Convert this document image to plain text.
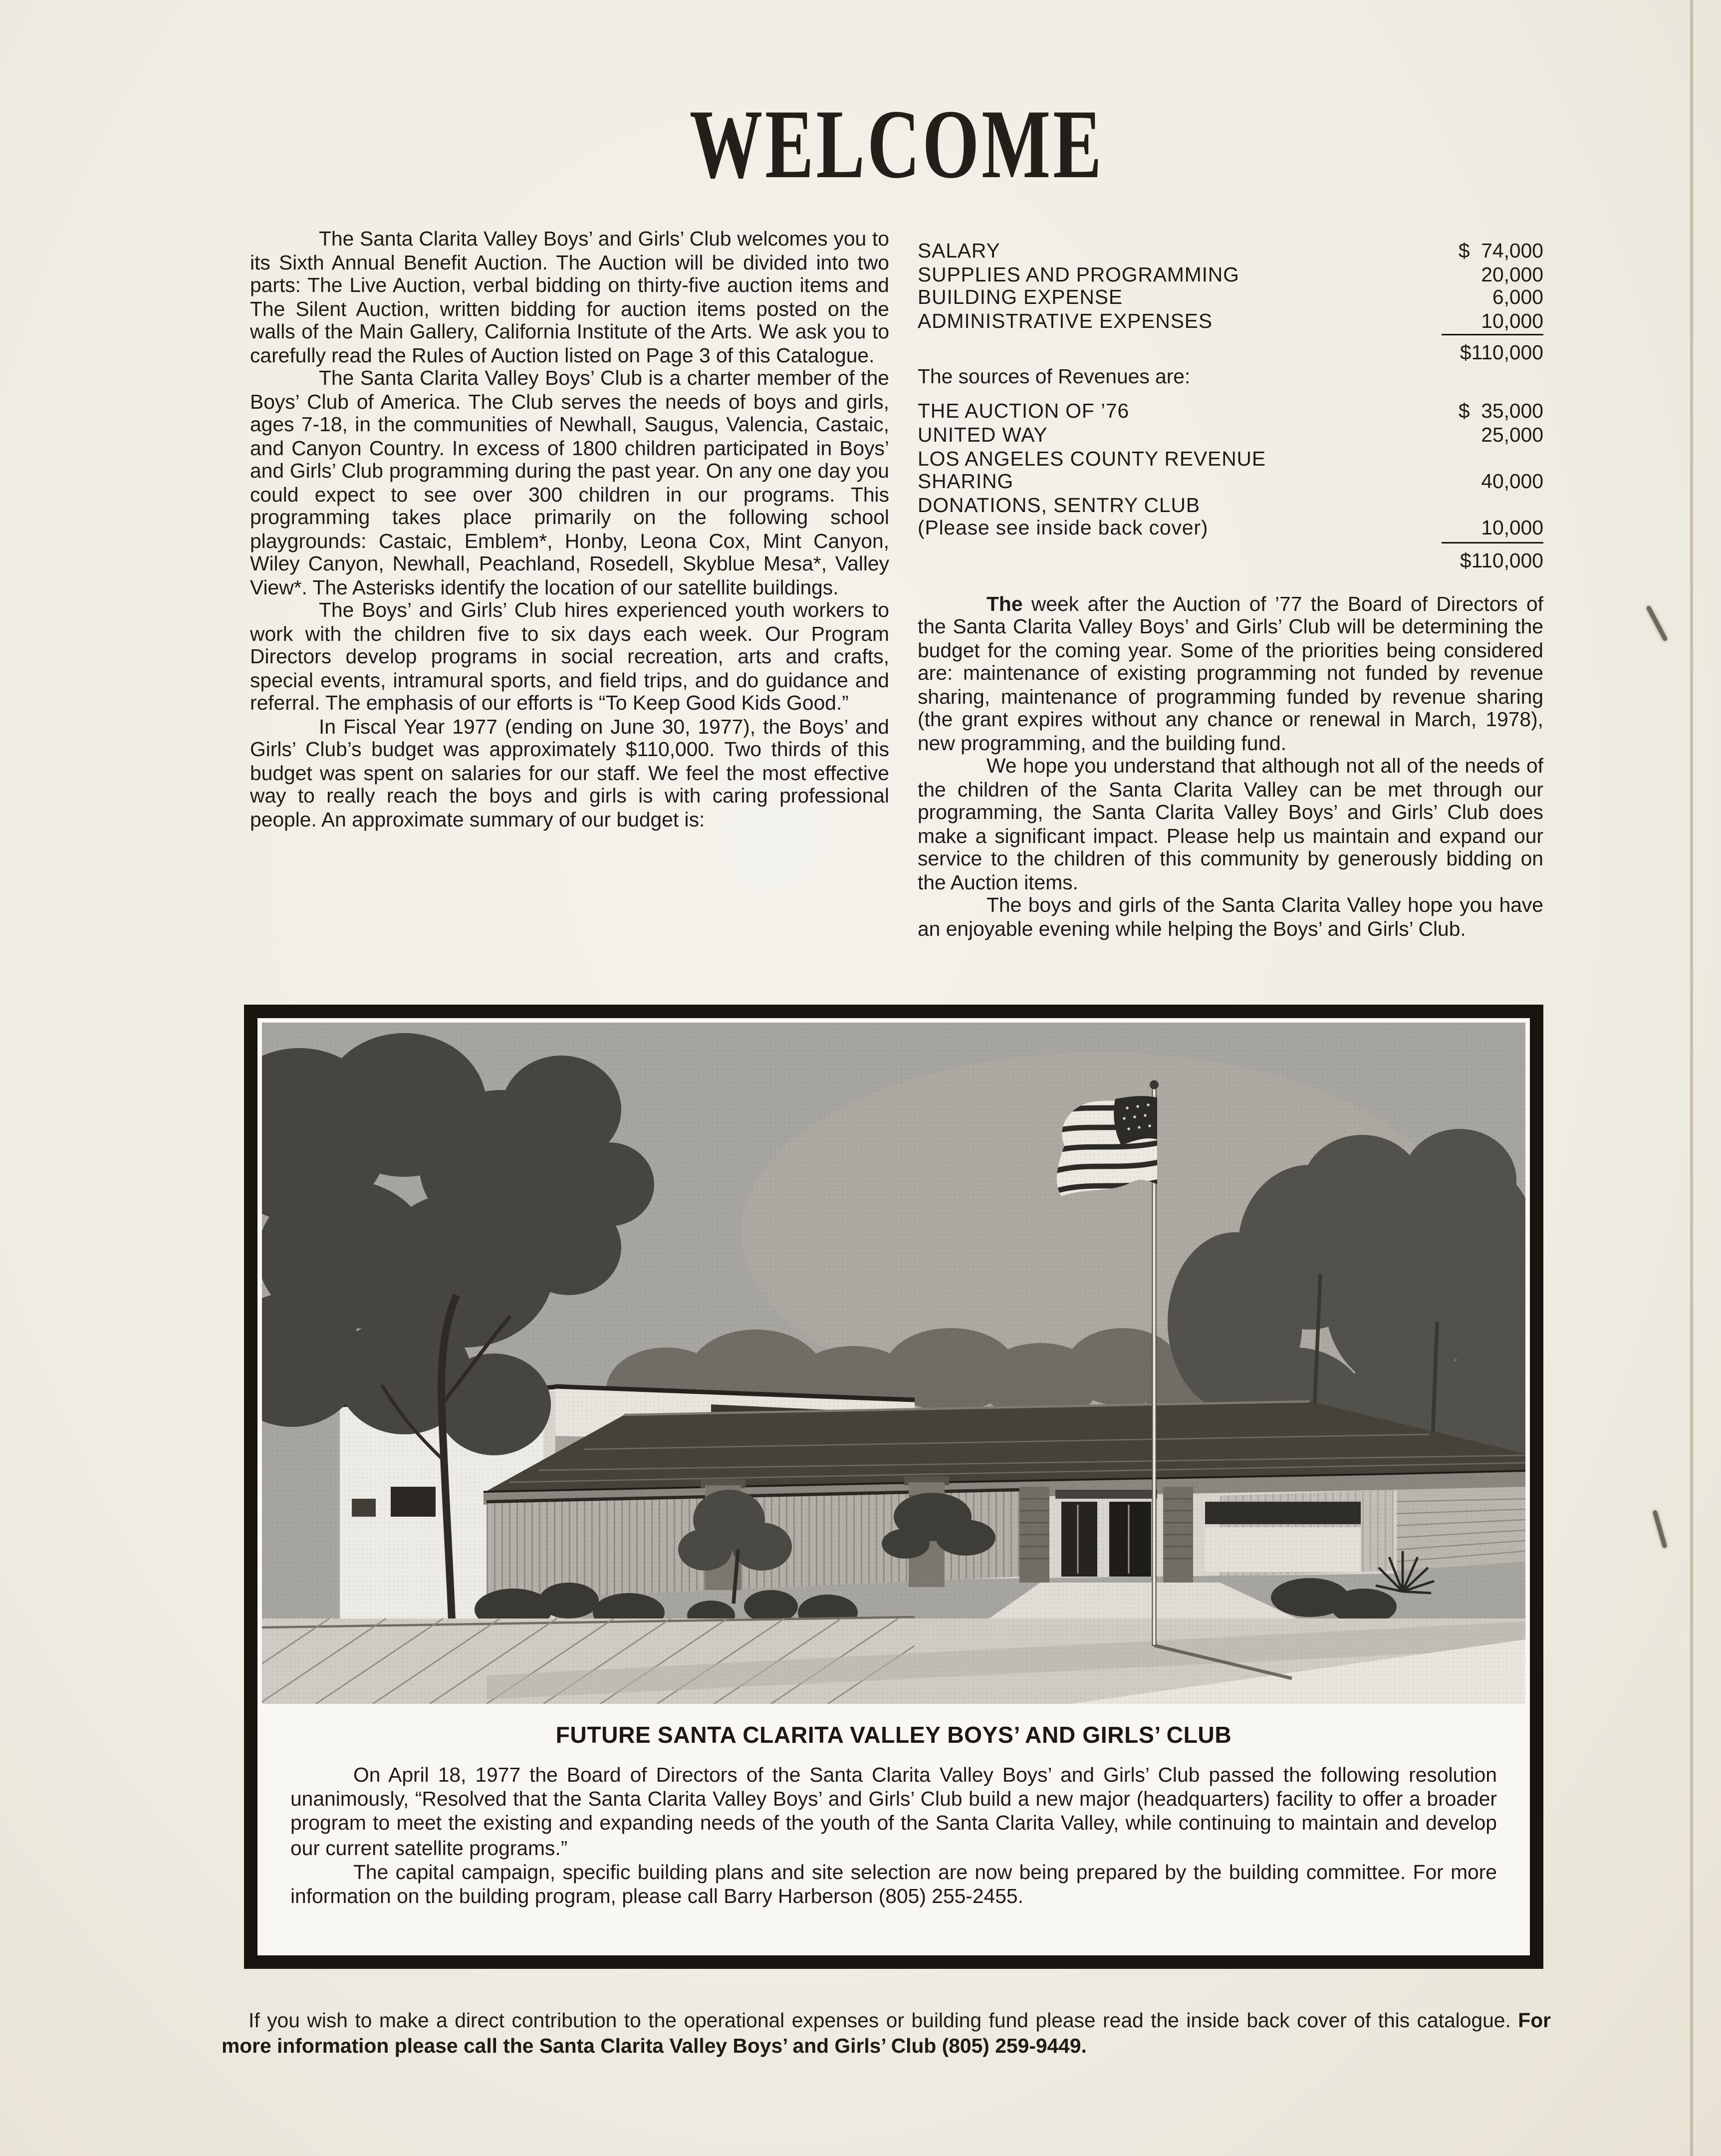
WELCOME

The Santa Clarita Valley Boys’ and Girls’ Club welcomes you to its Sixth Annual Benefit Auction. The Auction will be divided into two parts: The Live Auction, verbal bidding on thirty-five auction items and The Silent Auction, written bidding for auction items posted on the walls of the Main Gallery, California Institute of the Arts. We ask you to carefully read the Rules of Auction listed on Page 3 of this Catalogue.

The Santa Clarita Valley Boys’ Club is a charter member of the Boys’ Club of America. The Club serves the needs of boys and girls, ages 7-18, in the communities of Newhall, Saugus, Valencia, Castaic, and Canyon Country. In excess of 1800 children participated in Boys’ and Girls’ Club programming during the past year. On any one day you could expect to see over 300 children in our programs. This programming takes place primarily on the following school playgrounds: Castaic, Emblem*, Honby, Leona Cox, Mint Canyon, Wiley Canyon, Newhall, Peachland, Rosedell, Skyblue Mesa*, Valley View*. The Asterisks identify the location of our satellite buildings.

The Boys’ and Girls’ Club hires experienced youth workers to work with the children five to six days each week. Our Program Directors develop programs in social recreation, arts and crafts, special events, intramural sports, and field trips, and do guidance and referral. The emphasis of our efforts is “To Keep Good Kids Good.”

In Fiscal Year 1977 (ending on June 30, 1977), the Boys’ and Girls’ Club’s budget was approximately $110,000. Two thirds of this budget was spent on salaries for our staff. We feel the most effective way to really reach the boys and girls is with caring professional people. An approximate summary of our budget is:

SALARY	$  74,000
SUPPLIES AND PROGRAMMING	20,000
BUILDING EXPENSE	6,000
ADMINISTRATIVE EXPENSES	10,000
$110,000

The sources of Revenues are:

THE AUCTION OF ’76	$  35,000
UNITED WAY	25,000
LOS ANGELES COUNTY REVENUE
SHARING	40,000
DONATIONS, SENTRY CLUB
(Please see inside back cover)	10,000
$110,000

The week after the Auction of ’77 the Board of Directors of the Santa Clarita Valley Boys’ and Girls’ Club will be determining the budget for the coming year. Some of the priorities being considered are: maintenance of existing programming not funded by revenue sharing, maintenance of programming funded by revenue sharing (the grant expires without any chance or renewal in March, 1978), new programming, and the building fund.

We hope you understand that although not all of the needs of the children of the Santa Clarita Valley can be met through our programming, the Santa Clarita Valley Boys’ and Girls’ Club does make a significant impact. Please help us maintain and expand our service to the children of this community by generously bidding on the Auction items.

The boys and girls of the Santa Clarita Valley hope you have an enjoyable evening while helping the Boys’ and Girls’ Club.

FUTURE SANTA CLARITA VALLEY BOYS’ AND GIRLS’ CLUB

On April 18, 1977 the Board of Directors of the Santa Clarita Valley Boys’ and Girls’ Club passed the following resolution unanimously, “Resolved that the Santa Clarita Valley Boys’ and Girls’ Club build a new major (headquarters) facility to offer a broader program to meet the existing and expanding needs of the youth of the Santa Clarita Valley, while continuing to maintain and develop our current satellite programs.”

The capital campaign, specific building plans and site selection are now being prepared by the building committee. For more information on the building program, please call Barry Harberson (805) 255-2455.

If you wish to make a direct contribution to the operational expenses or building fund please read the inside back cover of this catalogue. For more information please call the Santa Clarita Valley Boys’ and Girls’ Club (805) 259-9449.
